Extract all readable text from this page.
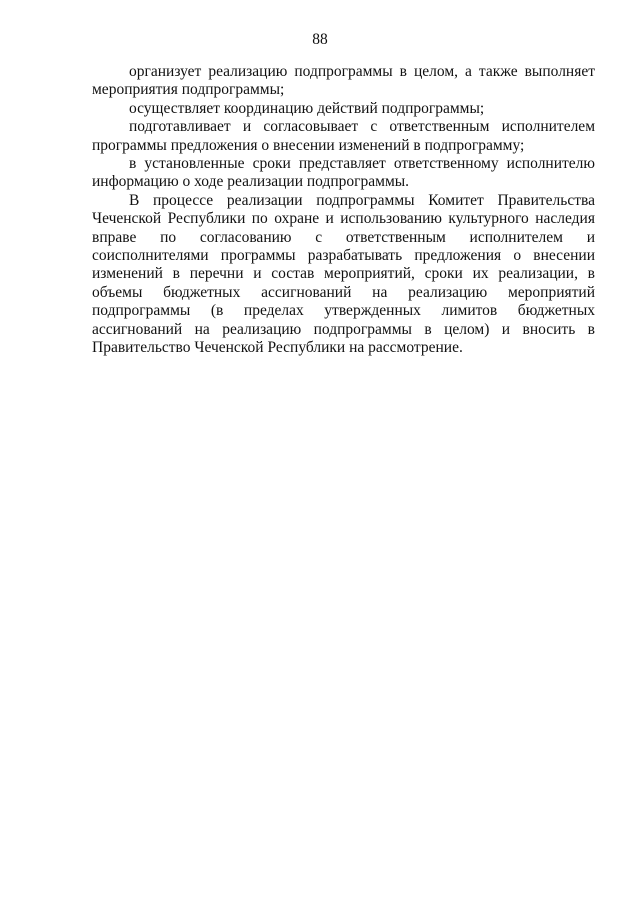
88

организует реализацию подпрограммы в целом, а также выполняет мероприятия подпрограммы;

осуществляет координацию действий подпрограммы;

подготавливает и согласовывает с ответственным исполнителем программы предложения о внесении изменений в подпрограмму;

в установленные сроки представляет ответственному исполнителю информацию о ходе реализации подпрограммы.

В процессе реализации подпрограммы Комитет Правительства Чеченской Республики по охране и использованию культурного наследия вправе по согласованию с ответственным исполнителем и соисполнителями программы разрабатывать предложения о внесении изменений в перечни и состав мероприятий, сроки их реализации, в объемы бюджетных ассигнований на реализацию мероприятий подпрограммы (в пределах утвержденных лимитов бюджетных ассигнований на реализацию подпрограммы в целом) и вносить в Правительство Чеченской Республики на рассмотрение.
